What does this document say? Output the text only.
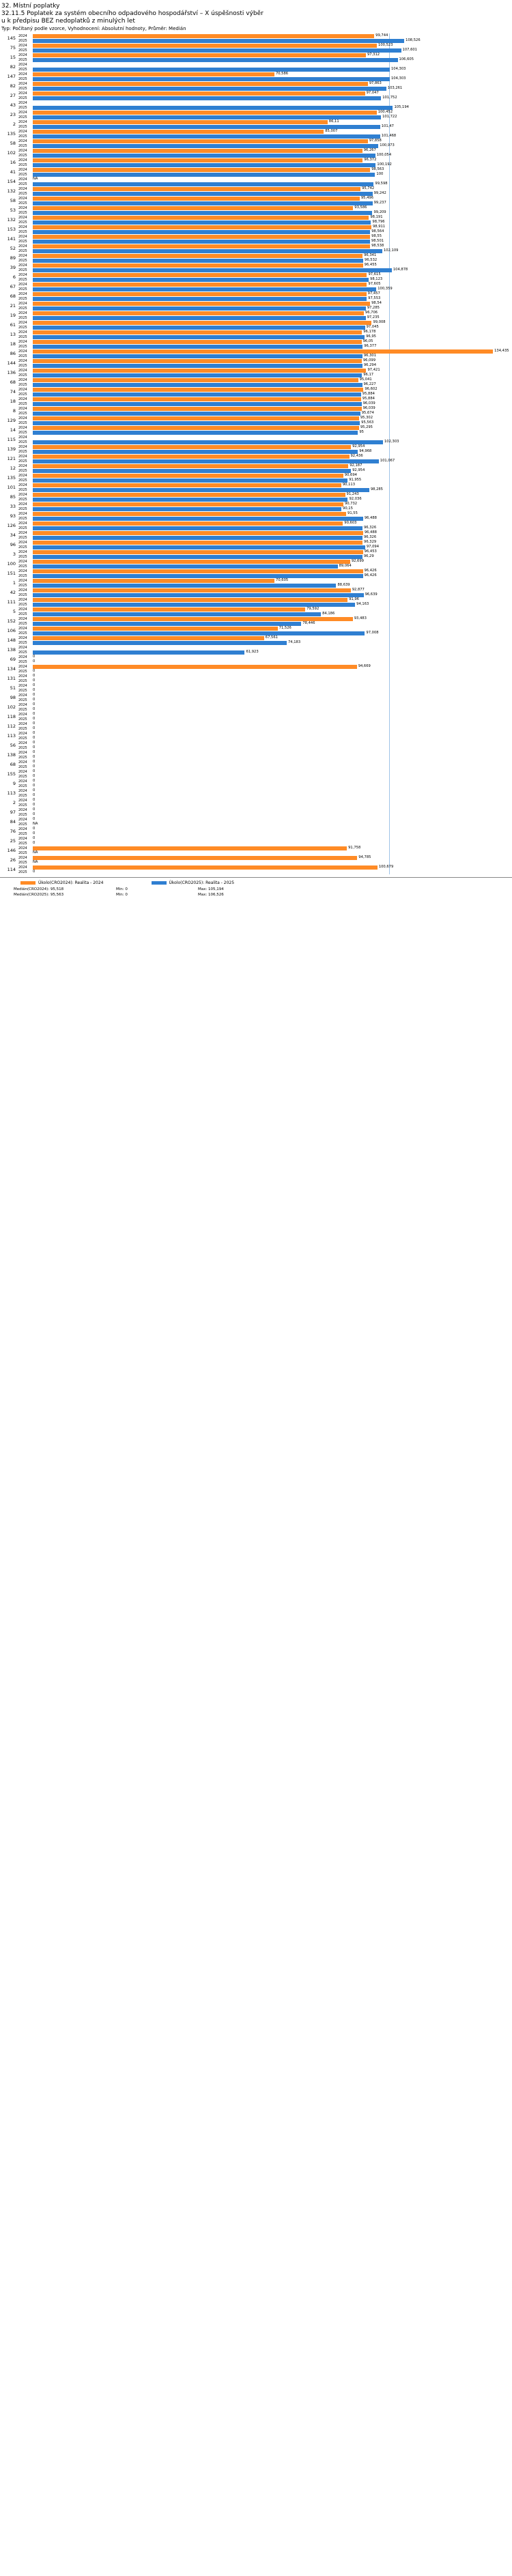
32. Místní poplatky
32.11.5 Poplatek za systém obecního odpadového hospodářství – X úspěšnosti výběr
u k předpisu BEZ nedoplatků z minulých let
Typ: Počítaný podle vzorce, Vyhodnocení: Absolutní hodnoty, Průměr: Medián
145 2024	99,744
2025	108,526
75 2024	100,523
2025	107,601
15 2024	97,312
2025	106,605
82 2024
2025	104,303
147 2024	70,586
2025	104,303
82 2024	97,863
2025	103,261
27 2024	97,047
2025	101,752
43 2024
2025	105,194
23 2024	100,452
2025	101,722
2 2024	86,11
2025	101,47
135 2024	85,007
2025	101,468
58 2024	97,858
2025	100,973
102 2024	96,267
2025	100,054
16 2024	96,372
2025	100,192
41 2024	98,563
2025	100
154 2024	NA
2025	99,598
132 2024	95,742
2025	99,242
58 2024	95,496
2025	99,237
53 2024	93,586
2025	99,209
132 2024	98,191
2025	98,796
153 2024	98,911
2025	98,564
141 2024	98,55
2025	98,501
52 2024	98,538
2025	102,109
89 2024	96,341
2025	96,532
39 2024	96,455
2025	104,878
6 2024	97,615
2025	98,123
67 2024	97,605
2025	100,359
68 2024	97,457
2025	97,553
21 2024	98,54
2025	97,285
19 2024	96,706
2025	97,235
61 2024	99,008
2025	97,045
13 2024	96,178
2025	96,95
18 2024	96,05
2025	96,377
86 2024	134,435
2025	96,301
144 2024	96,099
2025	96,294
136 2024	97,421
2025	96,17
68 2024	95,041
2025	96,227
74 2024	96,602
2025	95,884
18 2024	95,884
2025	96,039
8 2024	96,039
2025	95,674
129 2024	95,302
2025	95,563
14 2024	95,295
2025	95
115 2024
2025	102,303
139 2024	92,954
2025	94,968
121 2024	92,436
2025	101,067
12 2024	92,187
2025	92,954
135 2024	90,694
2025	91,955
101 2024	90,113
2025	98,285
85 2024	91,243
2025	92,036
33 2024	90,732
2025	90,15
93 2024	91,55
2025	96,488
126 2024	90,603
2025	96,326
34 2024	96,488
2025	96,326
96 2024	96,329
2025	97,094
3 2024	96,453
2025	96,29
100 2024	92,699
2025	89,064
151 2024	96,426
2025	96,426
1 2024	70,605
2025	88,639
42 2024	92,877
2025	96,639
111 2024	91,96
2025	94,163
5 2024	79,592
2025	84,186
152 2024	93,483
2025	78,446
106 2024	71,526
2025	97,008
148 2024	67,561
2025	74,183
138 2024
2025	61,923
69 2024	0
2025	0
134 2024	94,669
2025	0
131 2024	0
2025	0
51 2024	0
2025	0
98 2024	0
2025	0
102 2024	0
2025	0
118 2024	0
2025	0
112 2024	0
2025	0
113 2024	0
2025	0
56 2024	0
2025	0
138 2024	0
2025	0
68 2024	0
2025	0
155 2024	0
2025	0
9 2024	0
2025	0
113 2024	0
2025	0
2 2024	0
2025	0
97 2024	0
2025	0
84 2024	0
2025	NA
76 2024	0
2025	0
25 2024	0
2025	0
146 2024	91,758
2025	NA
26 2024	94,785
2025	NA
114 2024	100,679
2025	0
Úkolo(CRO2024): Realita - 2024	Úkolo(CRO2025): Realita - 2025
Medián(CRO2024): 95,518
Medián(CRO2025): 95,563
Min: 0
Min: 0
Max: 105,194
Max: 106,526
